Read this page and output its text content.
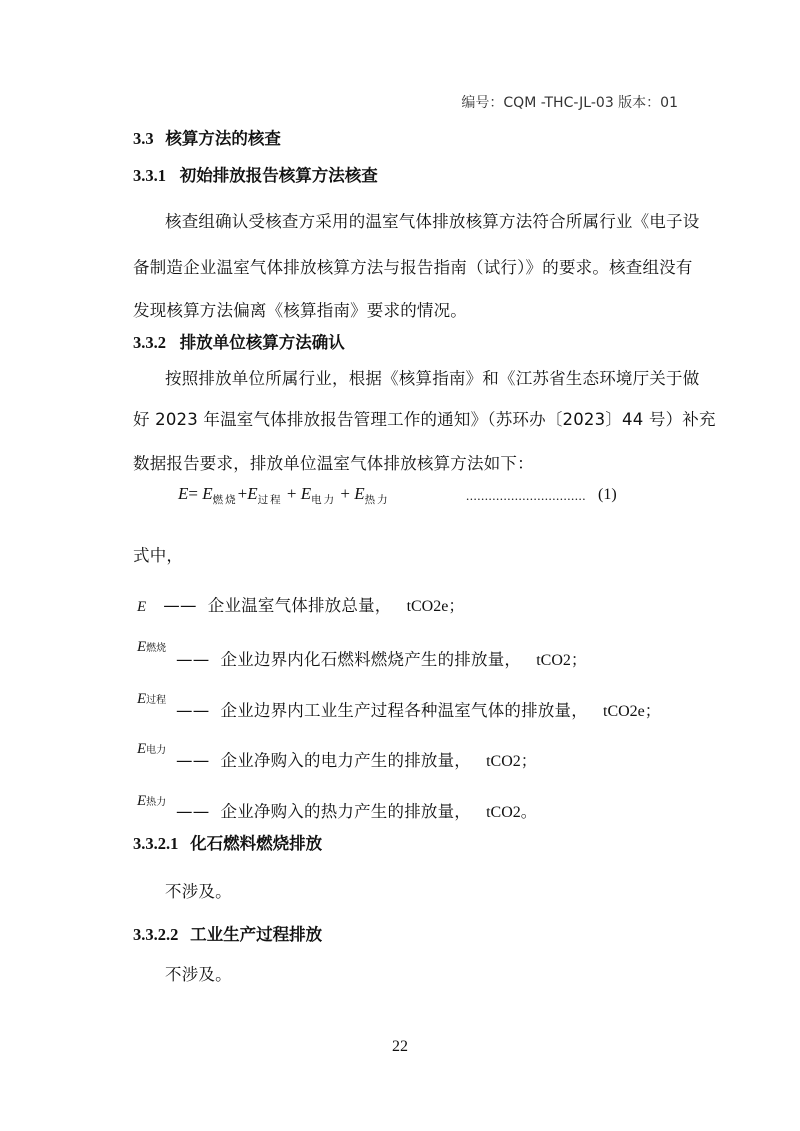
编号：CQM -THC-JL-03 版本：01
3.3 核算方法的核查
3.3.1 初始排放报告核算方法核查
核查组确认受核查方采用的温室气体排放核算方法符合所属行业《电子设
备制造企业温室气体排放核算方法与报告指南（试行）》的要求。核查组没有
发现核算方法偏离《核算指南》要求的情况。
3.3.2 排放单位核算方法确认
按照排放单位所属行业，根据《核算指南》和《江苏省生态环境厅关于做
好 2023 年温室气体排放报告管理工作的通知》（苏环办〔2023〕44 号）补充
数据报告要求，排放单位温室气体排放核算方法如下：
$E= E_{燃烧}+E_{过程} + E_{电力} + E_{热力}$	................................ (1)
式中，
E —— 企业温室气体排放总量， tCO2e；
E燃烧
—— 企业边界内化石燃料燃烧产生的排放量， tCO2；
E过程
—— 企业边界内工业生产过程各种温室气体的排放量， tCO2e；
E电力
—— 企业净购入的电力产生的排放量， tCO2；
E热力 —— 企业净购入的热力产生的排放量， tCO2。
3.3.2.1 化石燃料燃烧排放
不涉及。
3.3.2.2 工业生产过程排放
不涉及。
22
